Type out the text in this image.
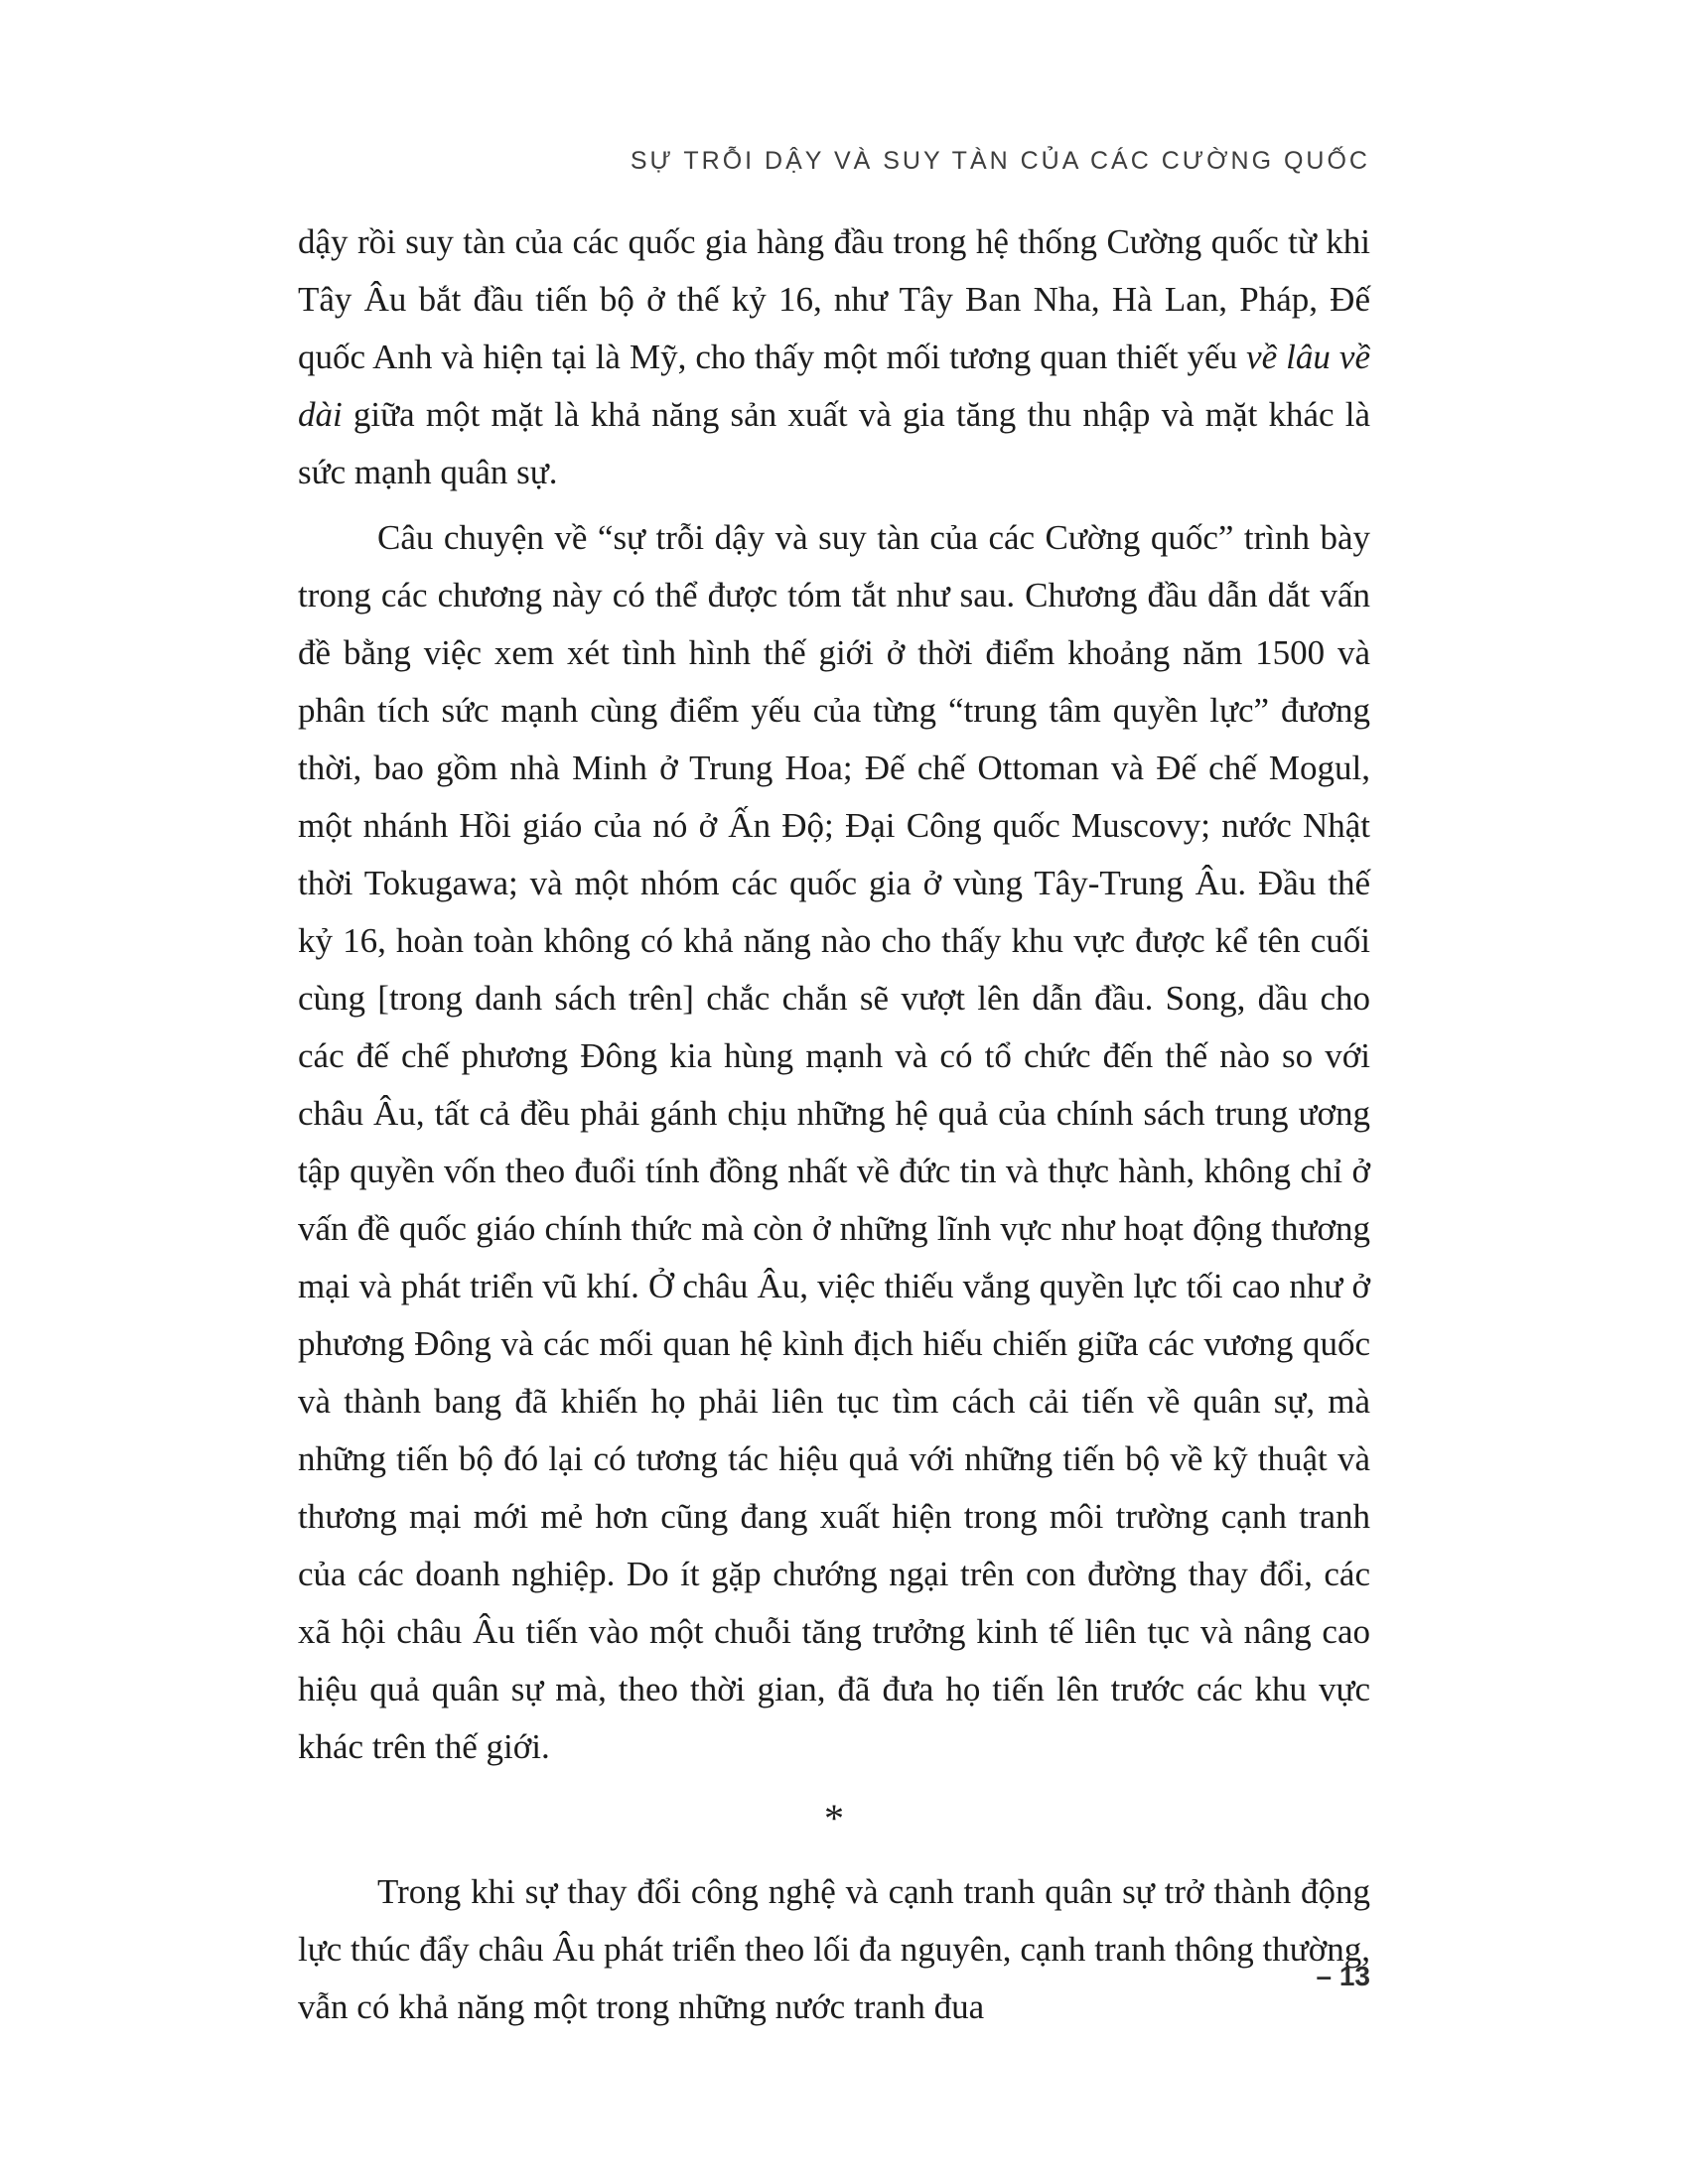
SỰ TRỖI DẬY VÀ SUY TÀN CỦA CÁC CƯỜNG QUỐC

dậy rồi suy tàn của các quốc gia hàng đầu trong hệ thống Cường quốc từ khi Tây Âu bắt đầu tiến bộ ở thế kỷ 16, như Tây Ban Nha, Hà Lan, Pháp, Đế quốc Anh và hiện tại là Mỹ, cho thấy một mối tương quan thiết yếu về lâu về dài giữa một mặt là khả năng sản xuất và gia tăng thu nhập và mặt khác là sức mạnh quân sự.

Câu chuyện về “sự trỗi dậy và suy tàn của các Cường quốc” trình bày trong các chương này có thể được tóm tắt như sau. Chương đầu dẫn dắt vấn đề bằng việc xem xét tình hình thế giới ở thời điểm khoảng năm 1500 và phân tích sức mạnh cùng điểm yếu của từng “trung tâm quyền lực” đương thời, bao gồm nhà Minh ở Trung Hoa; Đế chế Ottoman và Đế chế Mogul, một nhánh Hồi giáo của nó ở Ấn Độ; Đại Công quốc Muscovy; nước Nhật thời Tokugawa; và một nhóm các quốc gia ở vùng Tây-Trung Âu. Đầu thế kỷ 16, hoàn toàn không có khả năng nào cho thấy khu vực được kể tên cuối cùng [trong danh sách trên] chắc chắn sẽ vượt lên dẫn đầu. Song, dầu cho các đế chế phương Đông kia hùng mạnh và có tổ chức đến thế nào so với châu Âu, tất cả đều phải gánh chịu những hệ quả của chính sách trung ương tập quyền vốn theo đuổi tính đồng nhất về đức tin và thực hành, không chỉ ở vấn đề quốc giáo chính thức mà còn ở những lĩnh vực như hoạt động thương mại và phát triển vũ khí. Ở châu Âu, việc thiếu vắng quyền lực tối cao như ở phương Đông và các mối quan hệ kình địch hiếu chiến giữa các vương quốc và thành bang đã khiến họ phải liên tục tìm cách cải tiến về quân sự, mà những tiến bộ đó lại có tương tác hiệu quả với những tiến bộ về kỹ thuật và thương mại mới mẻ hơn cũng đang xuất hiện trong môi trường cạnh tranh của các doanh nghiệp. Do ít gặp chướng ngại trên con đường thay đổi, các xã hội châu Âu tiến vào một chuỗi tăng trưởng kinh tế liên tục và nâng cao hiệu quả quân sự mà, theo thời gian, đã đưa họ tiến lên trước các khu vực khác trên thế giới.

*

Trong khi sự thay đổi công nghệ và cạnh tranh quân sự trở thành động lực thúc đẩy châu Âu phát triển theo lối đa nguyên, cạnh tranh thông thường, vẫn có khả năng một trong những nước tranh đua

– 13
